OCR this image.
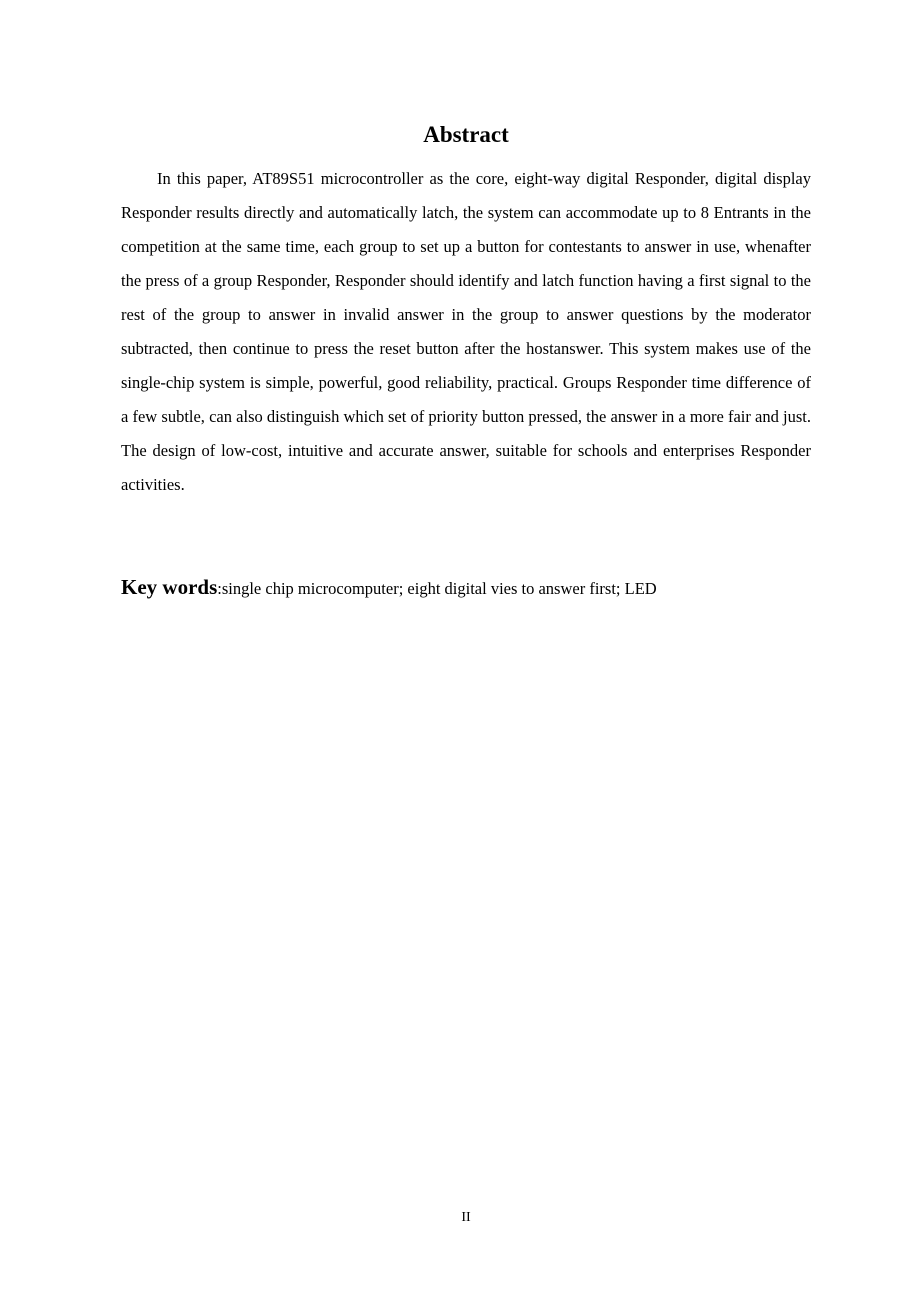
Abstract

In this paper, AT89S51 microcontroller as the core, eight-way digital Responder, digital display Responder results directly and automatically latch, the system can accommodate up to 8 Entrants in the competition at the same time, each group to set up a button for contestants to answer in use, whenafter the press of a group Responder, Responder should identify and latch function having a first signal to the rest of the group to answer in invalid answer in the group to answer questions by the moderator subtracted, then continue to press the reset button after the hostanswer. This system makes use of the single-chip system is simple, powerful, good reliability, practical. Groups Responder time difference of a few subtle, can also distinguish which set of priority button pressed, the answer in a more fair and just. The design of low-cost, intuitive and accurate answer, suitable for schools and enterprises Responder activities.

Key words:single chip microcomputer; eight digital vies to answer first; LED

II
